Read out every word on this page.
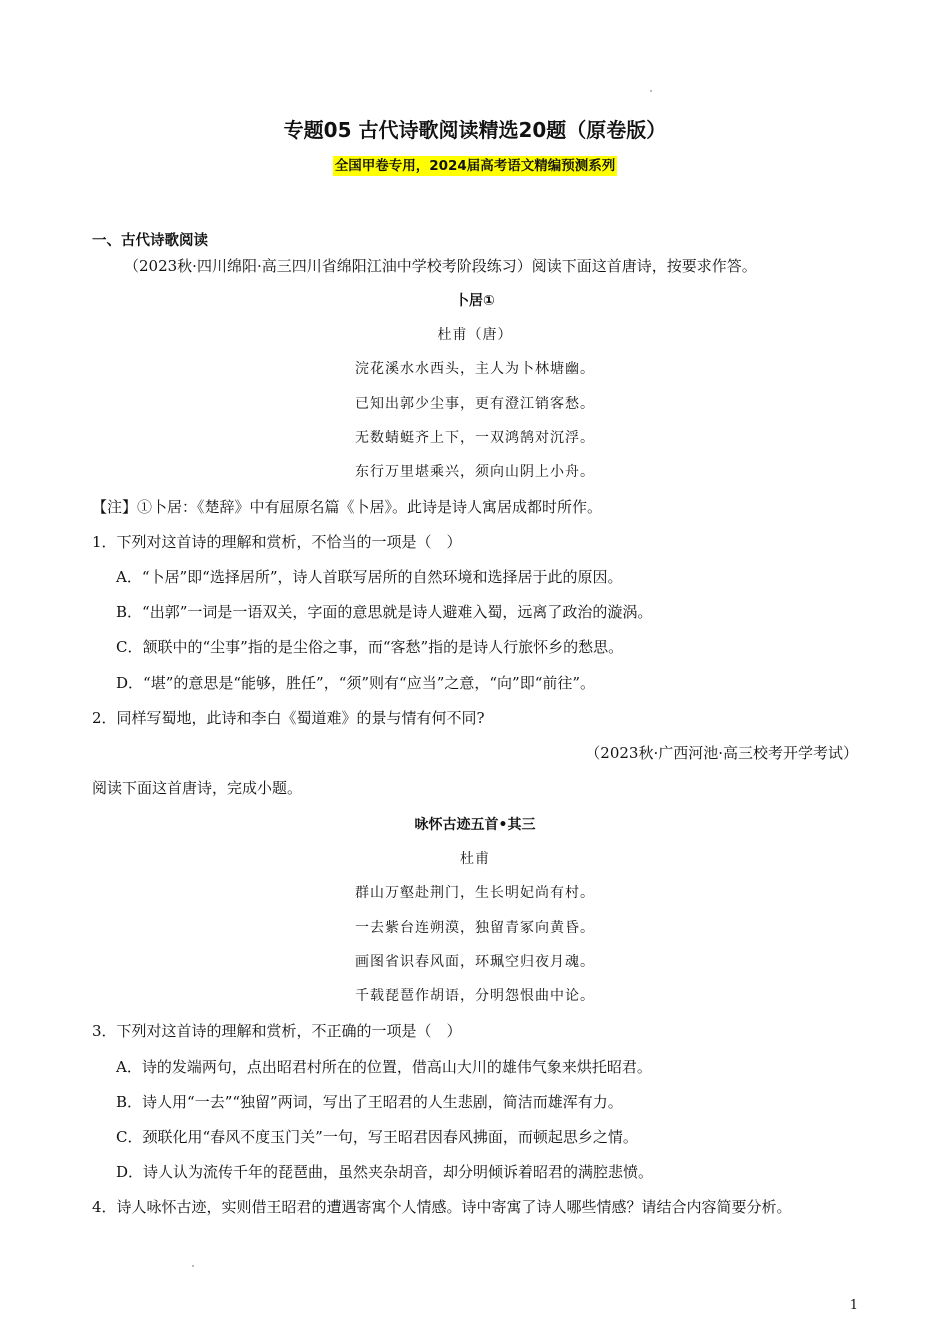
专题05 古代诗歌阅读精选20题（原卷版）
全国甲卷专用，2024届高考语文精编预测系列
一、古代诗歌阅读
（2023秋·四川绵阳·高三四川省绵阳江油中学校考阶段练习）阅读下面这首唐诗，按要求作答。
卜居①
杜甫（唐）
浣花溪水水西头，主人为卜林塘幽。
已知出郭少尘事，更有澄江销客愁。
无数蜻蜓齐上下，一双鸿鹄对沉浮。
东行万里堪乘兴，须向山阴上小舟。
【注】①卜居：《楚辞》中有屈原名篇《卜居》。此诗是诗人寓居成都时所作。
1．下列对这首诗的理解和赏析，不恰当的一项是（　）
A．“卜居”即“选择居所”，诗人首联写居所的自然环境和选择居于此的原因。
B．“出郭”一词是一语双关，字面的意思就是诗人避难入蜀，远离了政治的漩涡。
C．颔联中的“尘事”指的是尘俗之事，而“客愁”指的是诗人行旅怀乡的愁思。
D．“堪”的意思是“能够，胜任”，“须”则有“应当”之意，“向”即“前往”。
2．同样写蜀地，此诗和李白《蜀道难》的景与情有何不同?
（2023秋·广西河池·高三校考开学考试）
阅读下面这首唐诗，完成小题。
咏怀古迹五首•其三
杜甫
群山万壑赴荆门，生长明妃尚有村。
一去紫台连朔漠，独留青冢向黄昏。
画图省识春风面，环珮空归夜月魂。
千载琵琶作胡语，分明怨恨曲中论。
3．下列对这首诗的理解和赏析，不正确的一项是（　）
A．诗的发端两句，点出昭君村所在的位置，借高山大川的雄伟气象来烘托昭君。
B．诗人用“一去”“独留”两词，写出了王昭君的人生悲剧，简洁而雄浑有力。
C．颈联化用“春风不度玉门关”一句，写王昭君因春风拂面，而顿起思乡之情。
D．诗人认为流传千年的琵琶曲，虽然夹杂胡音，却分明倾诉着昭君的满腔悲愤。
4．诗人咏怀古迹，实则借王昭君的遭遇寄寓个人情感。诗中寄寓了诗人哪些情感？请结合内容简要分析。
1
